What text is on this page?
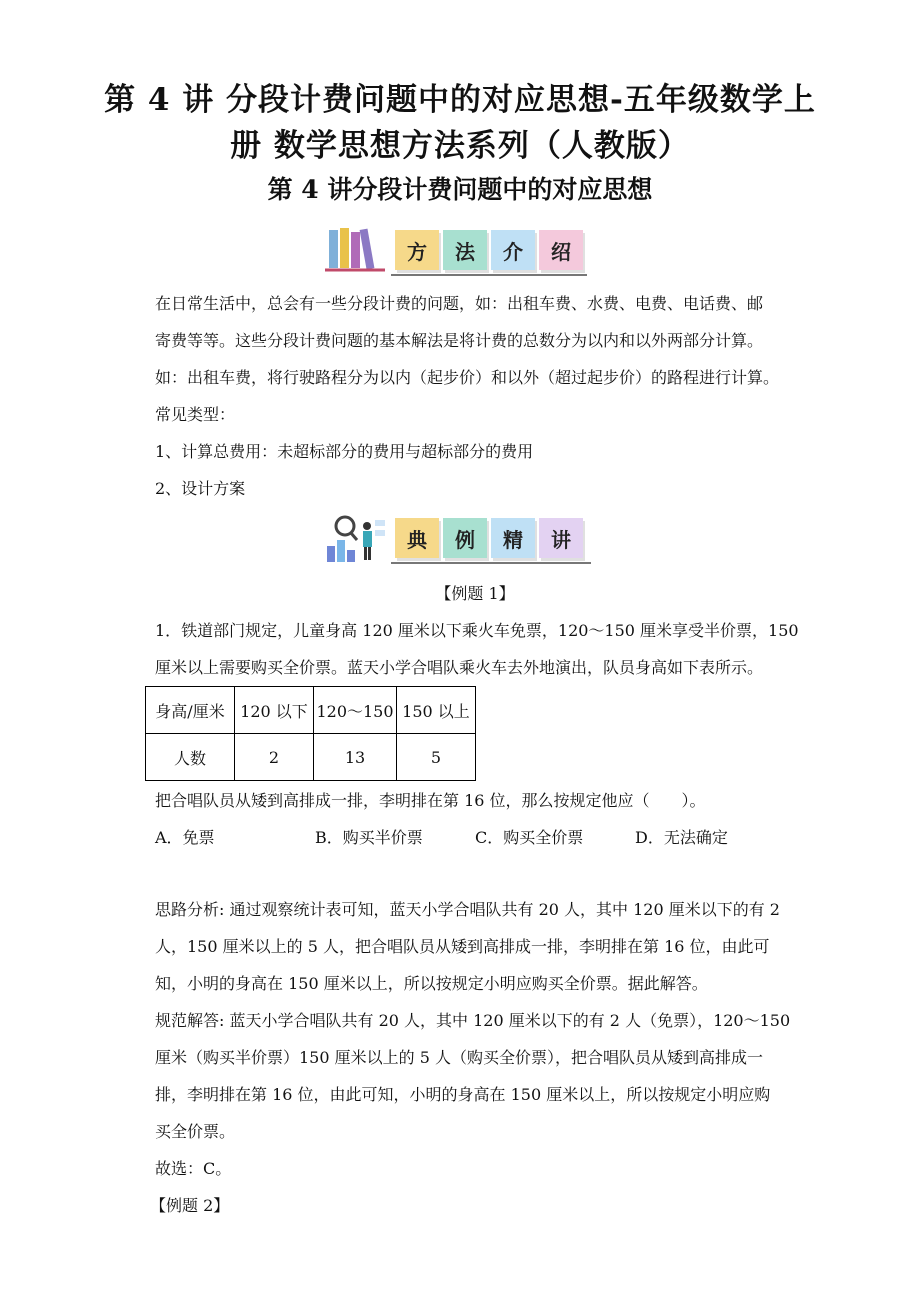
第 4 讲 分段计费问题中的对应思想-五年级数学上
册 数学思想方法系列（人教版）
第 4 讲分段计费问题中的对应思想
方	法	介	绍
在日常生活中，总会有一些分段计费的问题，如：出租车费、水费、电费、电话费、邮
寄费等等。这些分段计费问题的基本解法是将计费的总数分为以内和以外两部分计算。
如：出租车费，将行驶路程分为以内（起步价）和以外（超过起步价）的路程进行计算。
常见类型：
1、计算总费用：未超标部分的费用与超标部分的费用
2、设计方案
典	例	精	讲
【例题 1】
1．铁道部门规定，儿童身高 120 厘米以下乘火车免票，120～150 厘米享受半价票，150
厘米以上需要购买全价票。蓝天小学合唱队乘火车去外地演出，队员身高如下表所示。
身高/厘米	120 以下	120～150	150 以上
人数	2	13	5
把合唱队员从矮到高排成一排，李明排在第 16 位，那么按规定他应（　　）。
A．免票	B．购买半价票	C．购买全价票	D．无法确定
思路分析: 通过观察统计表可知，蓝天小学合唱队共有 20 人，其中 120 厘米以下的有 2
人，150 厘米以上的 5 人，把合唱队员从矮到高排成一排，李明排在第 16 位，由此可
知，小明的身高在 150 厘米以上，所以按规定小明应购买全价票。据此解答。
规范解答: 蓝天小学合唱队共有 20 人，其中 120 厘米以下的有 2 人（免票），120～150
厘米（购买半价票）150 厘米以上的 5 人（购买全价票），把合唱队员从矮到高排成一
排，李明排在第 16 位，由此可知，小明的身高在 150 厘米以上，所以按规定小明应购
买全价票。
故选：C。
【例题 2】
